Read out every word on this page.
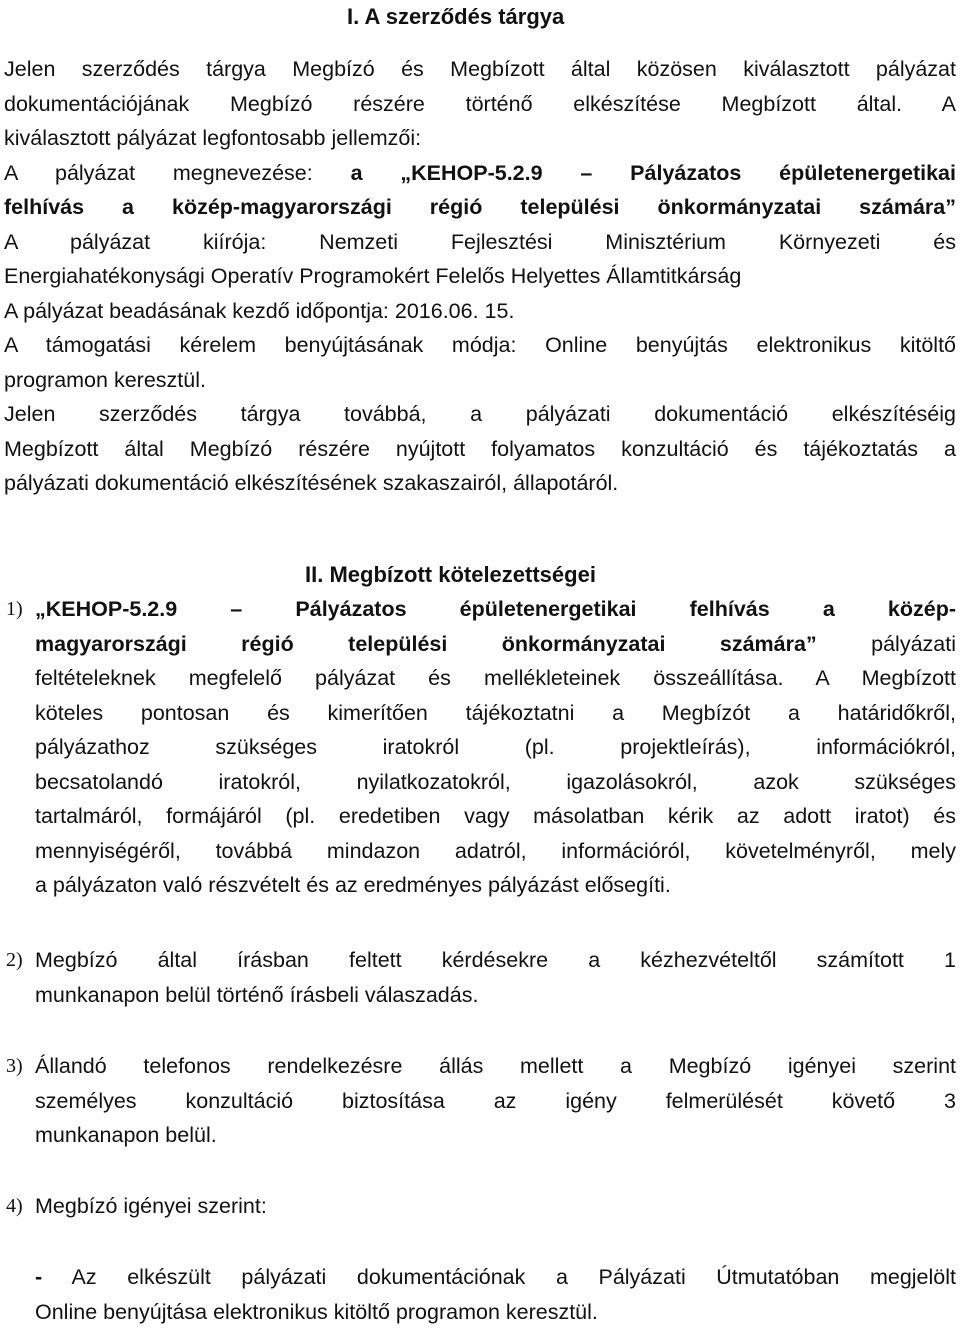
I. A szerződés tárgya
Jelen szerződés tárgya Megbízó és Megbízott által közösen kiválasztott pályázat
dokumentációjának Megbízó részére történő elkészítése Megbízott által. A
kiválasztott pályázat legfontosabb jellemzői:
A pályázat megnevezése: a „KEHOP-5.2.9 – Pályázatos épületenergetikai
felhívás a közép-magyarországi régió települési önkormányzatai számára”
A pályázat kiírója: Nemzeti Fejlesztési Minisztérium Környezeti és
Energiahatékonysági Operatív Programokért Felelős Helyettes Államtitkárság
A pályázat beadásának kezdő időpontja: 2016.06. 15.
A támogatási kérelem benyújtásának módja: Online benyújtás elektronikus kitöltő
programon keresztül.
Jelen szerződés tárgya továbbá, a pályázati dokumentáció elkészítéséig
Megbízott által Megbízó részére nyújtott folyamatos konzultáció és tájékoztatás a
pályázati dokumentáció elkészítésének szakaszairól, állapotáról.
II. Megbízott kötelezettségei
1) „KEHOP-5.2.9 – Pályázatos épületenergetikai felhívás a közép-
magyarországi régió települési önkormányzatai számára” pályázati
feltételeknek megfelelő pályázat és mellékleteinek összeállítása. A Megbízott
köteles pontosan és kimerítően tájékoztatni a Megbízót a határidőkről,
pályázathoz szükséges iratokról (pl. projektleírás), információkról,
becsatolandó iratokról, nyilatkozatokról, igazolásokról, azok szükséges
tartalmáról, formájáról (pl. eredetiben vagy másolatban kérik az adott iratot) és
mennyiségéről, továbbá mindazon adatról, információról, követelményről, mely
a pályázaton való részvételt és az eredményes pályázást elősegíti.
2) Megbízó által írásban feltett kérdésekre a kézhezvételtől számított 1
munkanapon belül történő írásbeli válaszadás.
3) Állandó telefonos rendelkezésre állás mellett a Megbízó igényei szerint
személyes konzultáció biztosítása az igény felmerülését követő 3
munkanapon belül.
4) Megbízó igényei szerint:
- Az elkészült pályázati dokumentációnak a Pályázati Útmutatóban megjelölt
Online benyújtása elektronikus kitöltő programon keresztül.
